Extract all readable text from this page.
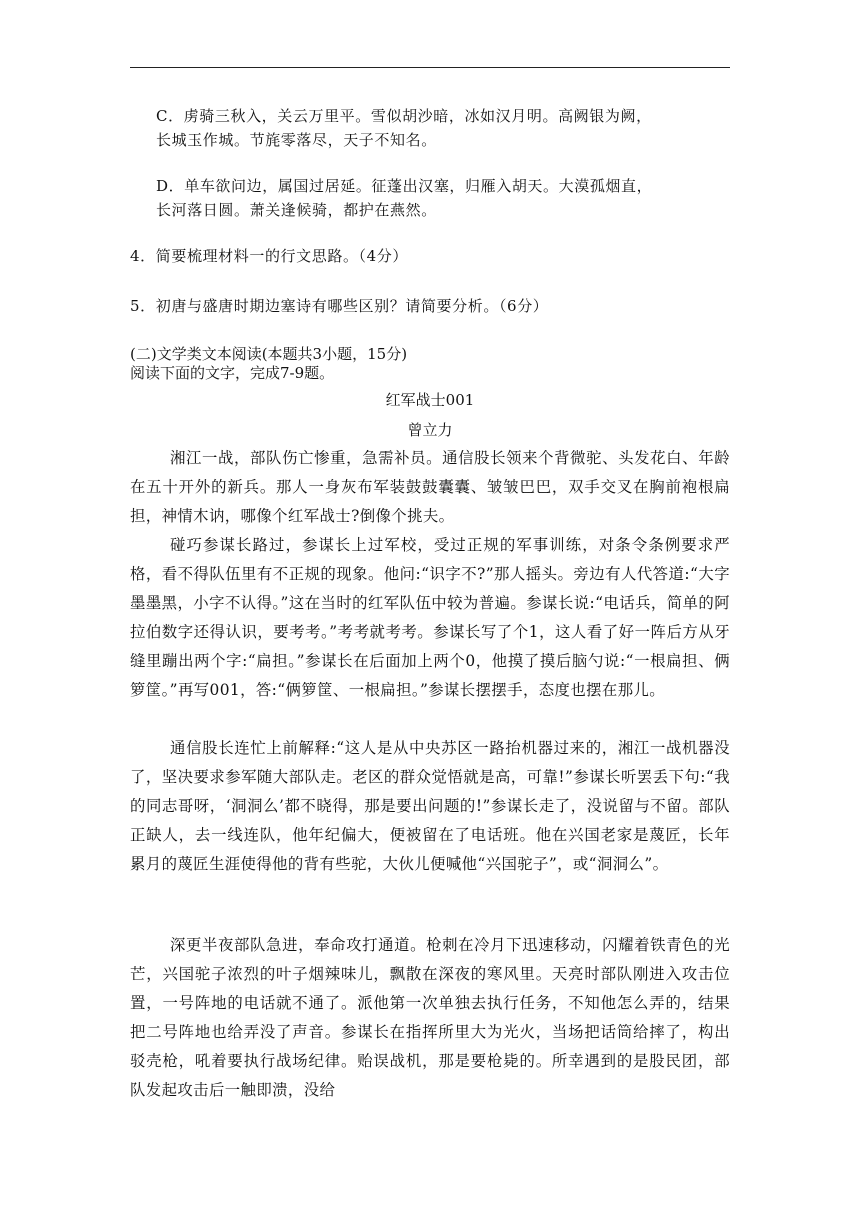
C．虏骑三秋入，关云万里平。雪似胡沙暗，冰如汉月明。高阙银为阙，
长城玉作城。节旄零落尽，天子不知名。
D．单车欲问边，属国过居延。征蓬出汉塞，归雁入胡天。大漠孤烟直，
长河落日圆。萧关逢候骑，都护在燕然。
4．简要梳理材料一的行文思路。（4分）
5．初唐与盛唐时期边塞诗有哪些区别？请简要分析。（6分）
(二)文学类文本阅读(本题共3小题，15分)
阅读下面的文字，完成7-9题。
红军战士001
曾立力
湘江一战，部队伤亡惨重，急需补员。通信股长领来个背微驼、头发花白、年龄在五十开外的新兵。那人一身灰布军装鼓鼓囊囊、皱皱巴巴，双手交叉在胸前袍根扁担，神情木讷，哪像个红军战士?倒像个挑夫。
碰巧参谋长路过，参谋长上过军校，受过正规的军事训练，对条令条例要求严格，看不得队伍里有不正规的现象。他问:“识字不?”那人摇头。旁边有人代答道:“大字墨墨黑，小字不认得。”这在当时的红军队伍中较为普遍。参谋长说:“电话兵，简单的阿拉伯数字还得认识，要考考。”考考就考考。参谋长写了个1，这人看了好一阵后方从牙缝里蹦出两个字:“扁担。”参谋长在后面加上两个0，他摸了摸后脑勺说:“一根扁担、俩箩筐。”再写001，答:“俩箩筐、一根扁担。”参谋长摆摆手，态度也摆在那儿。
通信股长连忙上前解释:“这人是从中央苏区一路抬机器过来的，湘江一战机器没了，坚决要求参军随大部队走。老区的群众觉悟就是高，可靠!”参谋长听罢丢下句:“我的同志哥呀，‘洞洞么’都不晓得，那是要出问题的!”参谋长走了，没说留与不留。部队正缺人，去一线连队，他年纪偏大，便被留在了电话班。他在兴国老家是蔑匠，长年累月的蔑匠生涯使得他的背有些驼，大伙儿便喊他“兴国驼子”，或“洞洞么”。
深更半夜部队急进，奉命攻打通道。枪刺在冷月下迅速移动，闪耀着铁青色的光芒，兴国驼子浓烈的叶子烟辣味儿，飘散在深夜的寒风里。天亮时部队刚进入攻击位置，一号阵地的电话就不通了。派他第一次单独去执行任务，不知他怎么弄的，结果把二号阵地也给弄没了声音。参谋长在指挥所里大为光火，当场把话筒给摔了，构出驳壳枪，吼着要执行战场纪律。贻误战机，那是要枪毙的。所幸遇到的是股民团，部队发起攻击后一触即溃，没给
